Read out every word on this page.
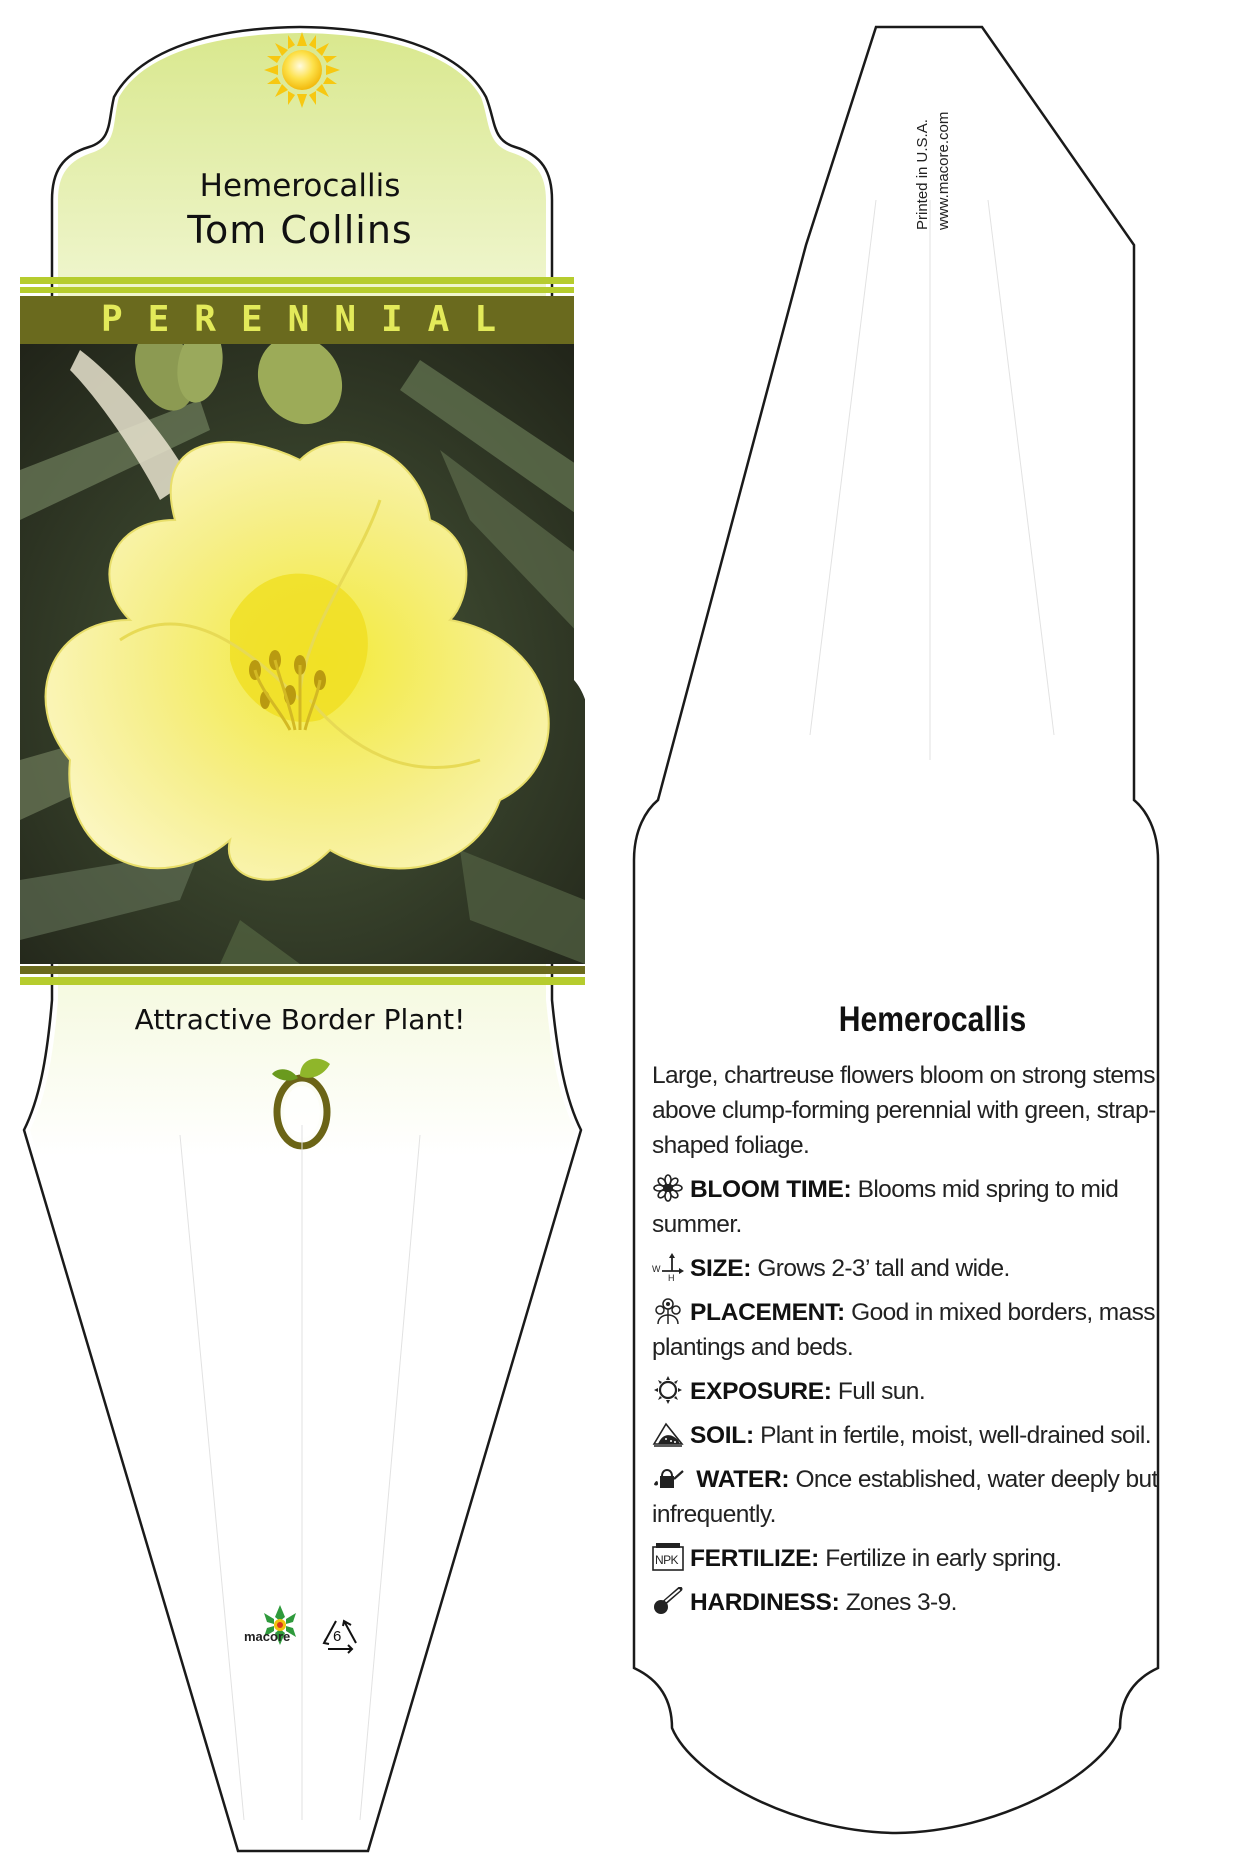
Hemerocallis
Tom Collins
PERENNIAL
Attractive Border Plant!
macore	6
Printed in U.S.A. www.macore.com
Hemerocallis

Large, chartreuse flowers bloom on strong stems above clump-forming perennial with green, strap-shaped foliage.

BLOOM TIME: Blooms mid spring to mid summer.

W
H SIZE: Grows 2-3’ tall and wide.

PLACEMENT: Good in mixed borders, mass plantings and beds.

EXPOSURE: Full sun.

SOIL: Plant in fertile, moist, well-drained soil.

WATER: Once established, water deeply but infrequently.

NPK FERTILIZE: Fertilize in early spring.

HARDINESS: Zones 3-9.
